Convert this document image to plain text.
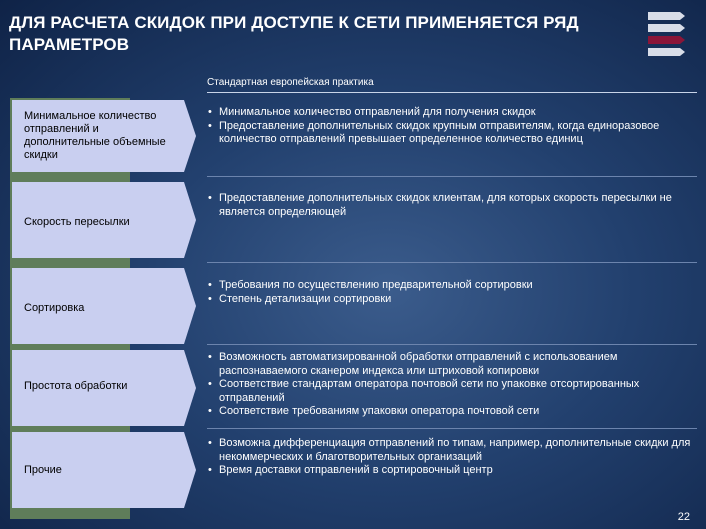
ДЛЯ РАСЧЕТА СКИДОК ПРИ ДОСТУПЕ К СЕТИ ПРИМЕНЯЕТСЯ РЯД
ПАРАМЕТРОВ
Стандартная европейская практика
Минимальное количество отправлений и дополнительные объемные скидки
• Минимальное количество отправлений для получения скидок
• Предоставление дополнительных скидок крупным отправителям, когда единоразовое количество отправлений превышает определенное количество единиц
Скорость пересылки
• Предоставление дополнительных скидок клиентам, для которых скорость пересылки не является определяющей
Сортировка
• Требования по осуществлению предварительной сортировки
• Степень детализации сортировки
Простота обработки
• Возможность автоматизированной обработки отправлений с использованием распознаваемого сканером индекса или штриховой копировки
• Соответствие стандартам оператора почтовой сети по упаковке отсортированных отправлений
• Соответствие требованиям упаковки оператора почтовой сети
Прочие
• Возможна дифференциация отправлений по типам, например, дополнительные скидки для некоммерческих и благотворительных организаций
• Время доставки отправлений в сортировочный центр
22
